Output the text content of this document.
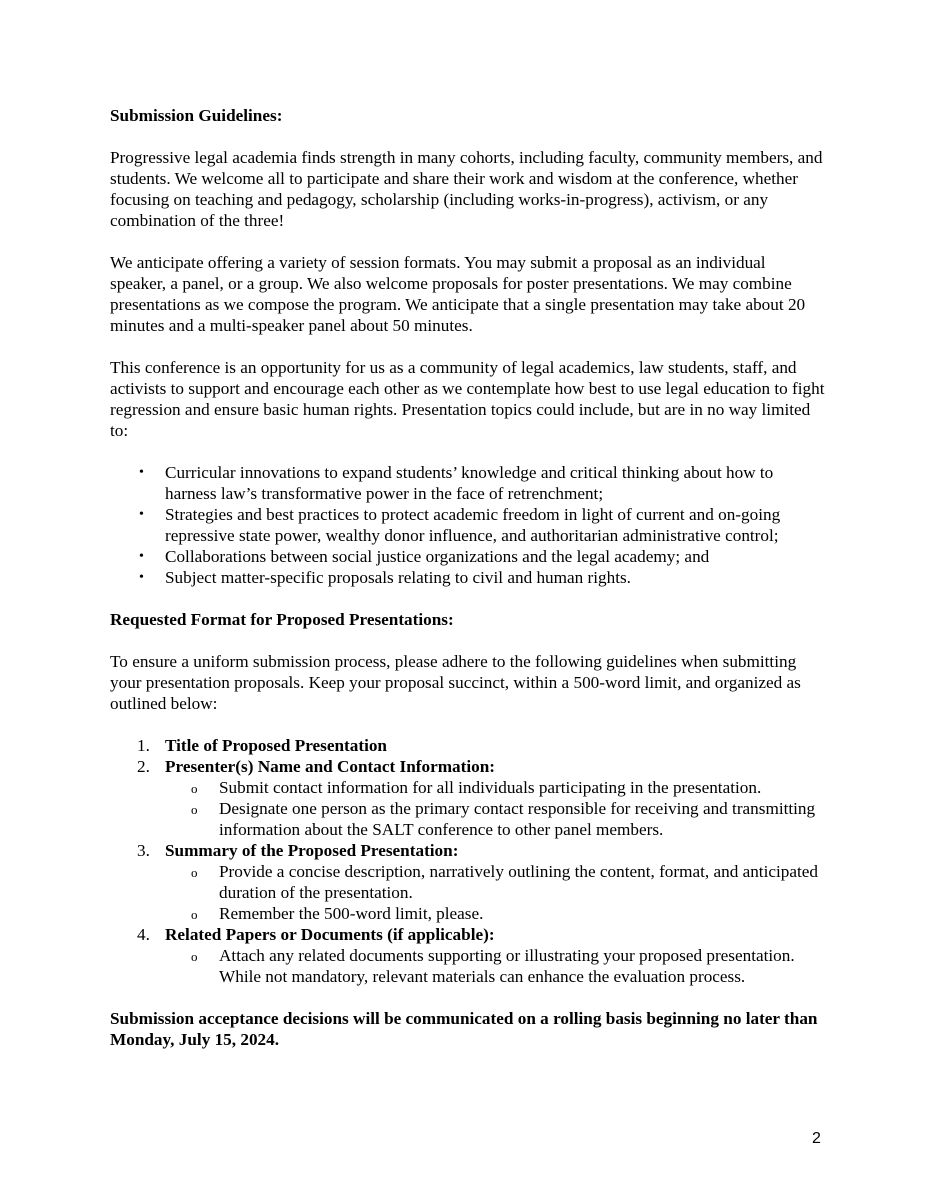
Submission Guidelines:

Progressive legal academia finds strength in many cohorts, including faculty, community members, and students. We welcome all to participate and share their work and wisdom at the conference, whether focusing on teaching and pedagogy, scholarship (including works-in-progress), activism, or any combination of the three!

We anticipate offering a variety of session formats. You may submit a proposal as an individual speaker, a panel, or a group. We also welcome proposals for poster presentations. We may combine presentations as we compose the program. We anticipate that a single presentation may take about 20 minutes and a multi-speaker panel about 50 minutes.

This conference is an opportunity for us as a community of legal academics, law students, staff, and activists to support and encourage each other as we contemplate how best to use legal education to fight regression and ensure basic human rights. Presentation topics could include, but are in no way limited to:

• Curricular innovations to expand students’ knowledge and critical thinking about how to harness law’s transformative power in the face of retrenchment;
• Strategies and best practices to protect academic freedom in light of current and on-going repressive state power, wealthy donor influence, and authoritarian administrative control;
• Collaborations between social justice organizations and the legal academy; and
• Subject matter-specific proposals relating to civil and human rights.
Requested Format for Proposed Presentations:

To ensure a uniform submission process, please adhere to the following guidelines when submitting your presentation proposals. Keep your proposal succinct, within a 500-word limit, and organized as outlined below:

1. Title of Proposed Presentation
2. Presenter(s) Name and Contact Information:
o Submit contact information for all individuals participating in the presentation.
o Designate one person as the primary contact responsible for receiving and transmitting information about the SALT conference to other panel members.
3. Summary of the Proposed Presentation:
o Provide a concise description, narratively outlining the content, format, and anticipated duration of the presentation.
o Remember the 500-word limit, please.
4. Related Papers or Documents (if applicable):
o Attach any related documents supporting or illustrating your proposed presentation. While not mandatory, relevant materials can enhance the evaluation process.

Submission acceptance decisions will be communicated on a rolling basis beginning no later than Monday, July 15, 2024.

2
